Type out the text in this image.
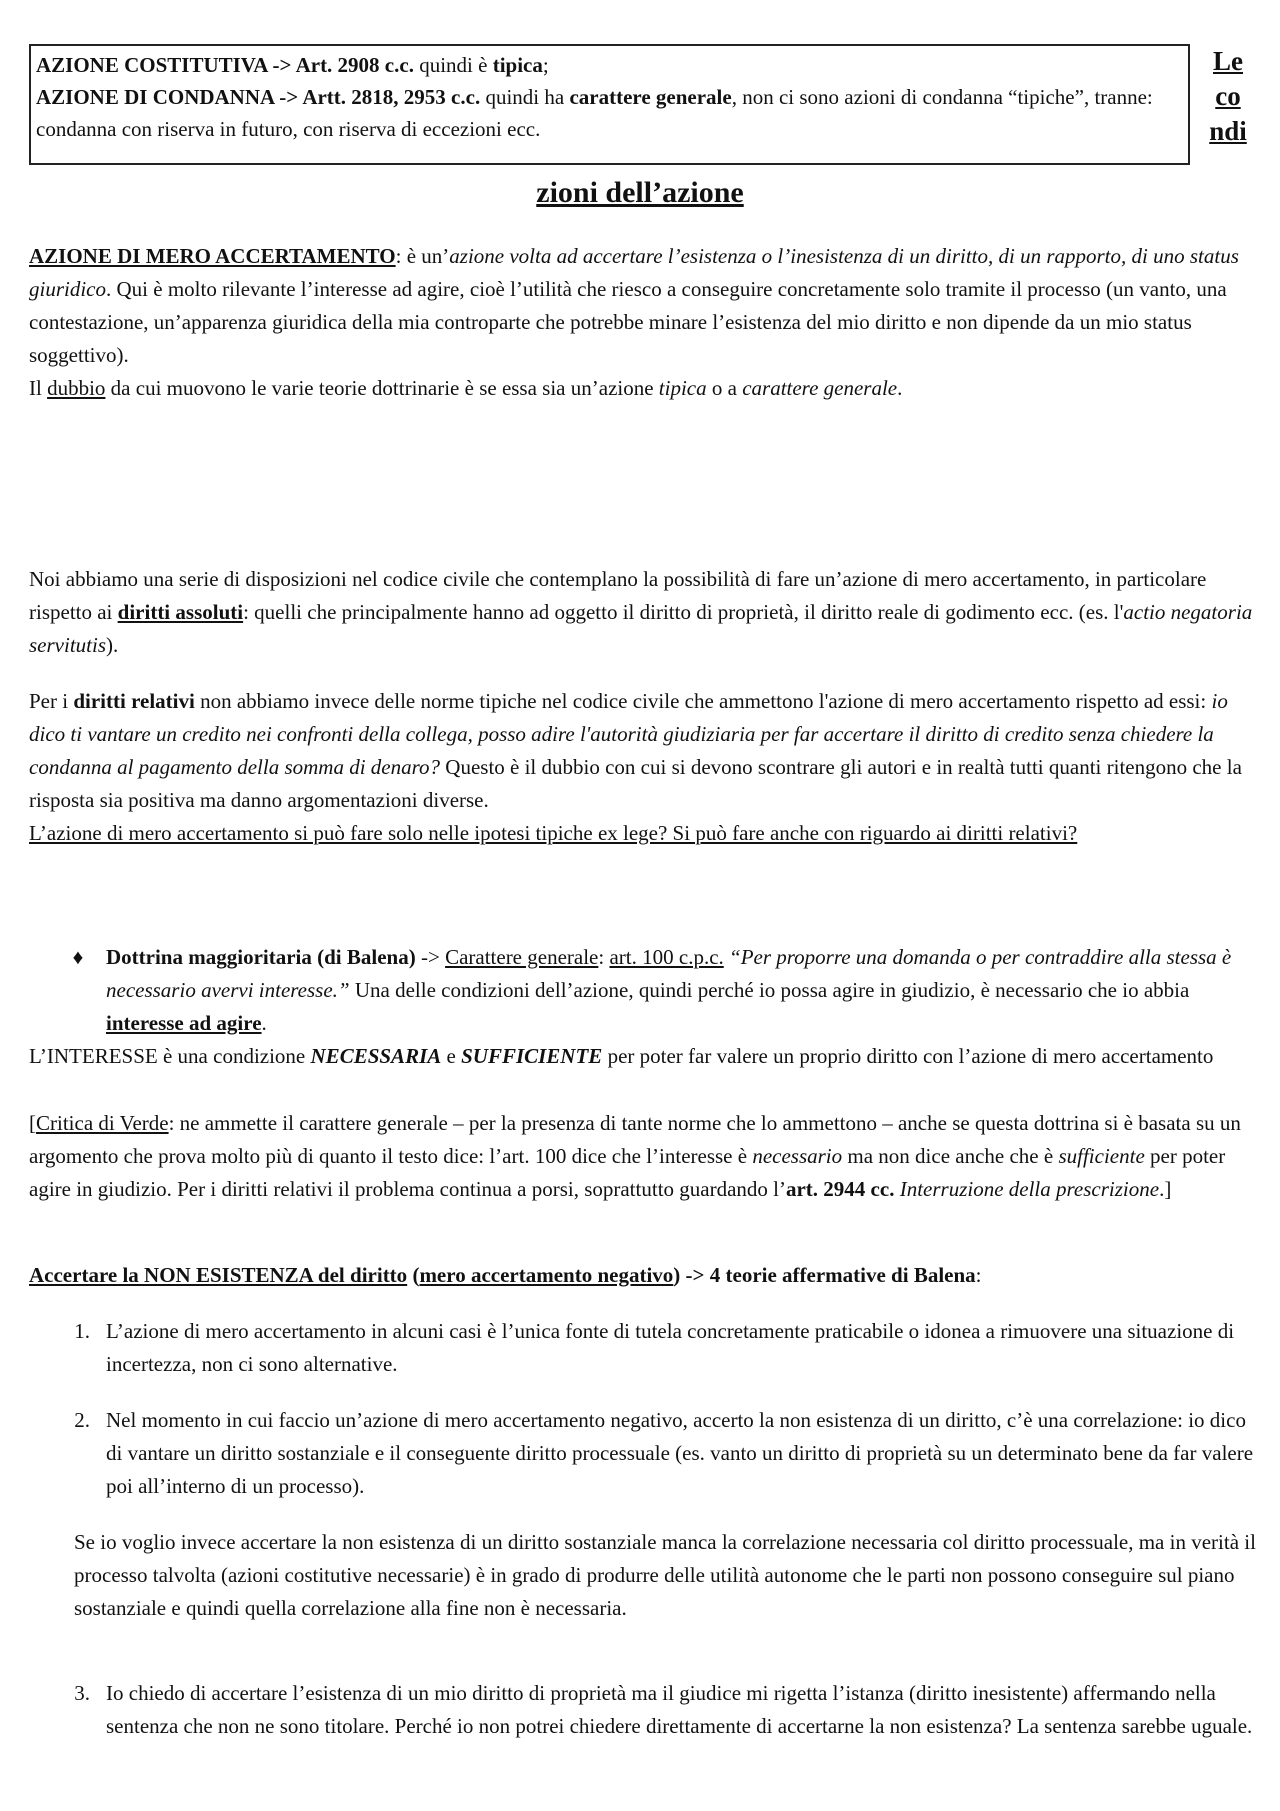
AZIONE COSTITUTIVA -> Art. 2908 c.c. quindi è tipica;
AZIONE DI CONDANNA -> Artt. 2818, 2953 c.c. quindi ha carattere generale, non ci sono azioni di condanna “tipiche”, tranne: condanna con riserva in futuro, con riserva di eccezioni ecc.
Le
co
ndi
zioni dell’azione

AZIONE DI MERO ACCERTAMENTO: è un’azione volta ad accertare l’esistenza o l’inesistenza di un diritto, di un rapporto, di uno status giuridico. Qui è molto rilevante l’interesse ad agire, cioè l’utilità che riesco a conseguire concretamente solo tramite il processo (un vanto, una contestazione, un’apparenza giuridica della mia controparte che potrebbe minare l’esistenza del mio diritto e non dipende da un mio status soggettivo).

Il dubbio da cui muovono le varie teorie dottrinarie è se essa sia un’azione tipica o a carattere generale.

Noi abbiamo una serie di disposizioni nel codice civile che contemplano la possibilità di fare un’azione di mero accertamento, in particolare rispetto ai diritti assoluti: quelli che principalmente hanno ad oggetto il diritto di proprietà, il diritto reale di godimento ecc. (es. l'actio negatoria servitutis).

Per i diritti relativi non abbiamo invece delle norme tipiche nel codice civile che ammettono l'azione di mero accertamento rispetto ad essi: io dico ti vantare un credito nei confronti della collega, posso adire l'autorità giudiziaria per far accertare il diritto di credito senza chiedere la condanna al pagamento della somma di denaro? Questo è il dubbio con cui si devono scontrare gli autori e in realtà tutti quanti ritengono che la risposta sia positiva ma danno argomentazioni diverse.
L’azione di mero accertamento si può fare solo nelle ipotesi tipiche ex lege? Si può fare anche con riguardo ai diritti relativi?
♦ Dottrina maggioritaria (di Balena) -> Carattere generale: art. 100 c.p.c. “Per proporre una domanda o per contraddire alla stessa è necessario avervi interesse.” Una delle condizioni dell’azione, quindi perché io possa agire in giudizio, è necessario che io abbia interesse ad agire.

L’INTERESSE è una condizione NECESSARIA e SUFFICIENTE per poter far valere un proprio diritto con l’azione di mero accertamento

[Critica di Verde: ne ammette il carattere generale – per la presenza di tante norme che lo ammettono – anche se questa dottrina si è basata su un argomento che prova molto più di quanto il testo dice: l’art. 100 dice che l’interesse è necessario ma non dice anche che è sufficiente per poter agire in giudizio. Per i diritti relativi il problema continua a porsi, soprattutto guardando l’art. 2944 cc. Interruzione della prescrizione.]

Accertare la NON ESISTENZA del diritto (mero accertamento negativo) -> 4 teorie affermative di Balena:

1. L’azione di mero accertamento in alcuni casi è l’unica fonte di tutela concretamente praticabile o idonea a rimuovere una situazione di incertezza, non ci sono alternative.

2. Nel momento in cui faccio un’azione di mero accertamento negativo, accerto la non esistenza di un diritto, c’è una correlazione: io dico di vantare un diritto sostanziale e il conseguente diritto processuale (es. vanto un diritto di proprietà su un determinato bene da far valere poi all’interno di un processo).

Se io voglio invece accertare la non esistenza di un diritto sostanziale manca la correlazione necessaria col diritto processuale, ma in verità il processo talvolta (azioni costitutive necessarie) è in grado di produrre delle utilità autonome che le parti non possono conseguire sul piano sostanziale e quindi quella correlazione alla fine non è necessaria.

3. Io chiedo di accertare l’esistenza di un mio diritto di proprietà ma il giudice mi rigetta l’istanza (diritto inesistente) affermando nella sentenza che non ne sono titolare. Perché io non potrei chiedere direttamente di accertarne la non esistenza? La sentenza sarebbe uguale.
